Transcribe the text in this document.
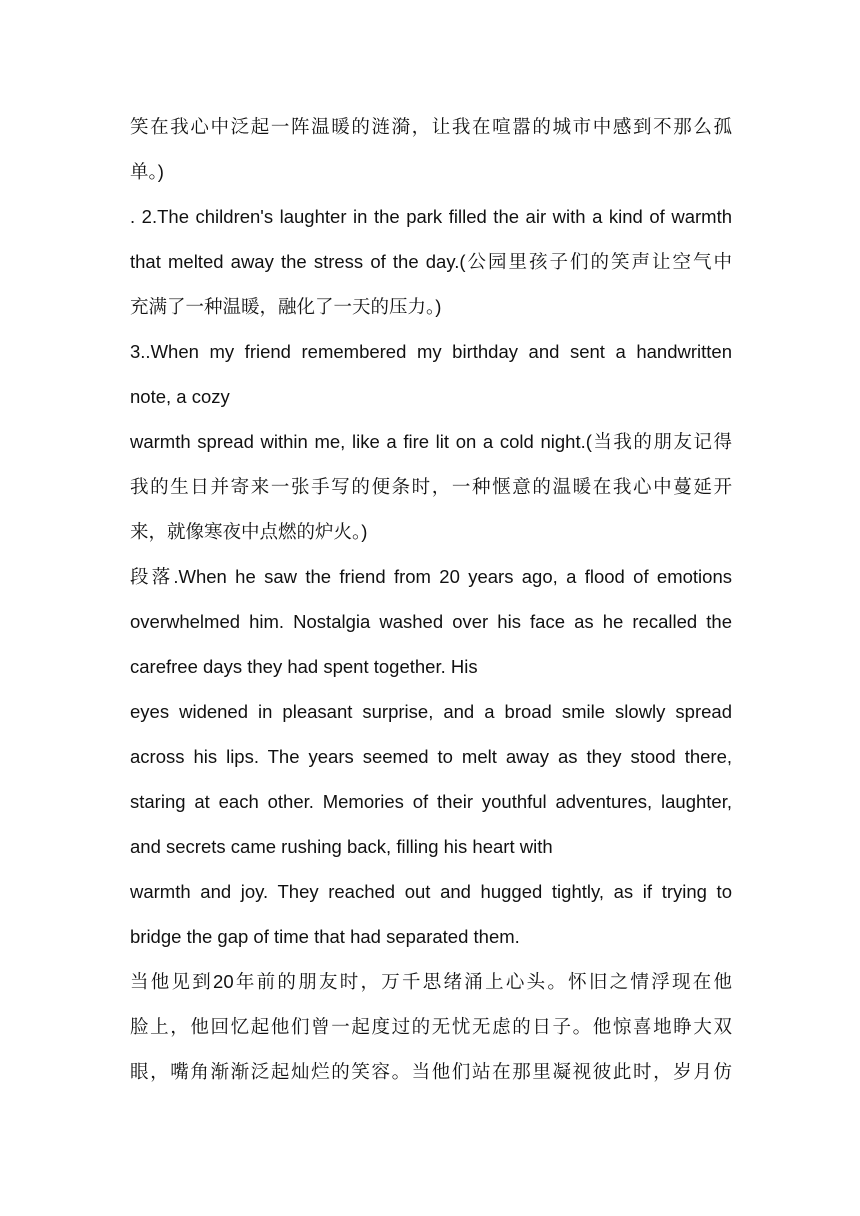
笑在我心中泛起一阵温暖的涟漪，让我在喧嚣的城市中感到不那么孤
单。)
. 2.The children's laughter in the park filled the air with a kind of warmth
that melted away the stress of the day.(公园里孩子们的笑声让空气中
充满了一种温暖，融化了一天的压力。)
3..When my friend remembered my birthday and sent a handwritten
note, a cozy
warmth spread within me, like a fire lit on a cold night.(当我的朋友记得
我的生日并寄来一张手写的便条时，一种惬意的温暖在我心中蔓延开
来，就像寒夜中点燃的炉火。)
段落.When he saw the friend from 20 years ago, a flood of emotions
overwhelmed him. Nostalgia washed over his face as he recalled the
carefree days they had spent together. His
eyes widened in pleasant surprise, and a broad smile slowly spread
across his lips. The years seemed to melt away as they stood there,
staring at each other. Memories of their youthful adventures, laughter,
and secrets came rushing back, filling his heart with
warmth and joy. They reached out and hugged tightly, as if trying to
bridge the gap of time that had separated them.
当他见到20年前的朋友时，万千思绪涌上心头。怀旧之情浮现在他
脸上，他回忆起他们曾一起度过的无忧无虑的日子。他惊喜地睁大双
眼，嘴角渐渐泛起灿烂的笑容。当他们站在那里凝视彼此时，岁月仿
